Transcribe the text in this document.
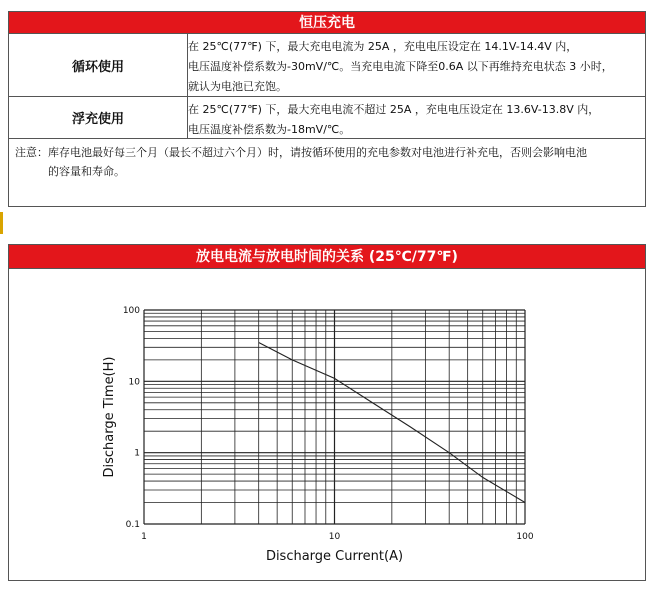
恒压充电
循环使用
在 25℃(77℉) 下，最大充电电流为 25A ，充电电压设定在 14.1V-14.4V 内，
电压温度补偿系数为-30mV/℃。当充电电流下降至0.6A 以下再维持充电状态 3 小时，
就认为电池已充饱。
浮充使用
在 25℃(77℉) 下，最大充电电流不超过 25A ，充电电压设定在 13.6V-13.8V 内，
电压温度补偿系数为-18mV/℃。
注意： 库存电池最好每三个月（最长不超过六个月）时，请按循环使用的充电参数对电池进行补充电，否则会影响电池
的容量和寿命。
放电电流与放电时间的关系 (25℃/77℉)
1	10	100
0.1
1
10
100
Discharge Current(A)
Discharge Time(H)
